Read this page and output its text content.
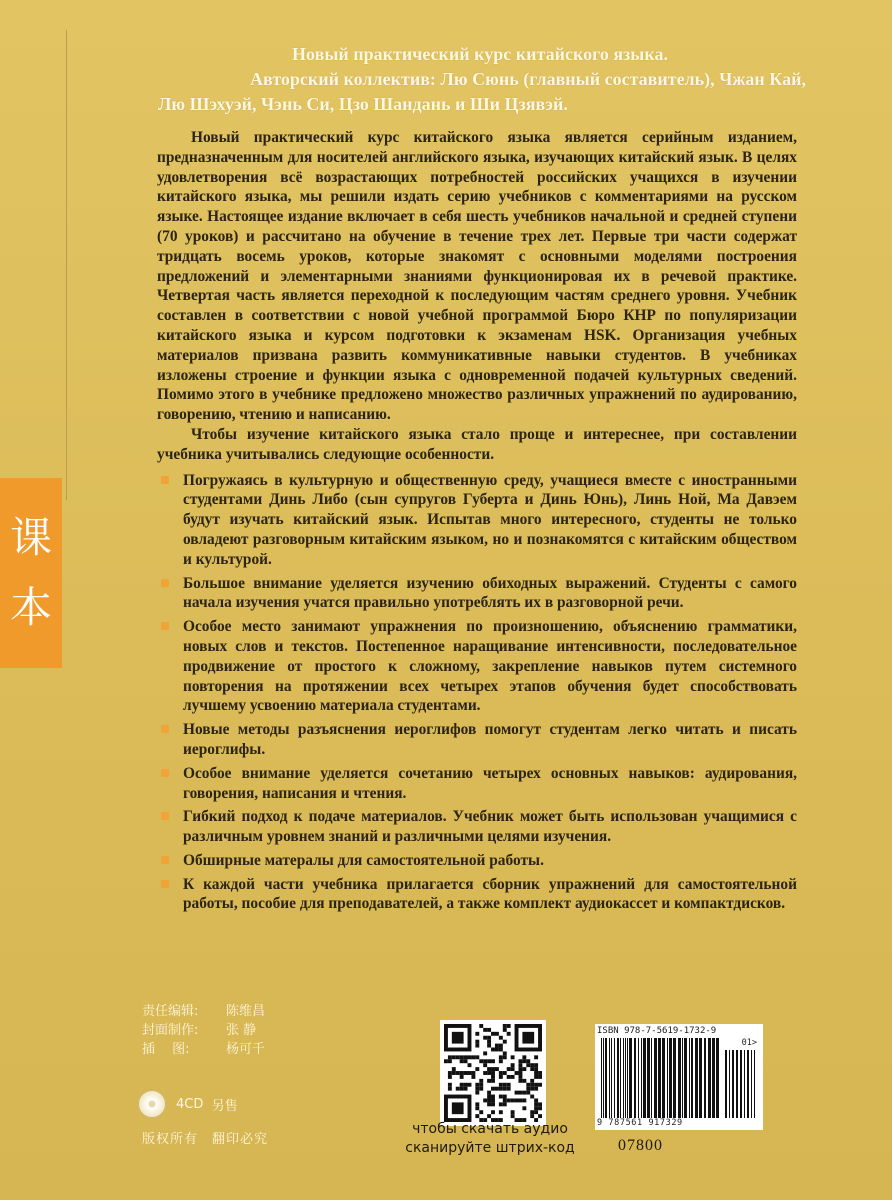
课
本
Новый практический курс китайского языка.
Авторский коллектив: Лю Сюнь (главный составитель), Чжан Кай,
Лю Шэхуэй, Чэнь Си, Цзо Шандань и Ши Цзявэй.

Новый практический курс китайского языка является серийным изданием, предназначенным для носителей английского языка, изучающих китайский язык. В целях удовлетворения всё возрастающих потребностей российских учащихся в изучении китайского языка, мы решили издать серию учебников с комментариями на русском языке. Настоящее издание включает в себя шесть учебников начальной и средней ступени (70 уроков) и рассчитано на обучение в течение трех лет. Первые три части содержат тридцать восемь уроков, которые знакомят с основными моделями построения предложений и элементарными знаниями функционировая их в речевой практике. Четвертая часть является переходной к последующим частям среднего уровня. Учебник составлен в соответствии с новой учебной программой Бюро КНР по популяризации китайского языка и курсом подготовки к экзаменам HSK. Организация учебных материалов призвана развить коммуникативные навыки студентов. В учебниках изложены строение и функции языка с одновременной подачей культурных сведений. Помимо этого в учебнике предложено множество различных упражнений по аудированию, говорению, чтению и написанию.

Чтобы изучение китайского языка стало проще и интереснее, при составлении учебника учитывались следующие особенности.

Погружаясь в культурную и общественную среду, учащиеся вместе с иностранными студентами Динь Либо (сын супругов Губерта и Динь Юнь), Линь Ной, Ма Давэем будут изучать китайский язык. Испытав много интересного, студенты не только овладеют разговорным китайским языком, но и познакомятся с китайским обществом и культурой.
Большое внимание уделяется изучению обиходных выражений. Студенты с самого начала изучения учатся правильно употреблять их в разговорной речи.
Особое место занимают упражнения по произношению, объяснению грамматики, новых слов и текстов. Постепенное наращивание интенсивности, последовательное продвижение от простого к сложному, закрепление навыков путем системного повторения на протяжении всех четырех этапов обучения будет способствовать лучшему усвоению материала студентами.
Новые методы разъяснения иероглифов помогут студентам легко читать и писать иероглифы.
Особое внимание уделяется сочетанию четырех основных навыков: аудирования, говорения, написания и чтения.
Гибкий подход к подаче материалов. Учебник может быть использован учащимися с различным уровнем знаний и различными целями изучения.
Обширные матералы для самостоятельной работы.
К каждой части учебника прилагается сборник упражнений для самостоятельной работы, пособие для преподавателей, а также комплект аудиокассет и компактдисков.
责任编辑:	陈维昌
封面制作:	张 静
插　 图:	杨可千
4CD
另售
版权所有　翻印必究
чтобы скачать аудио
сканируйте штрих-код
ISBN 978-7-5619-1732-9
01>
9 787561 917329
07800
